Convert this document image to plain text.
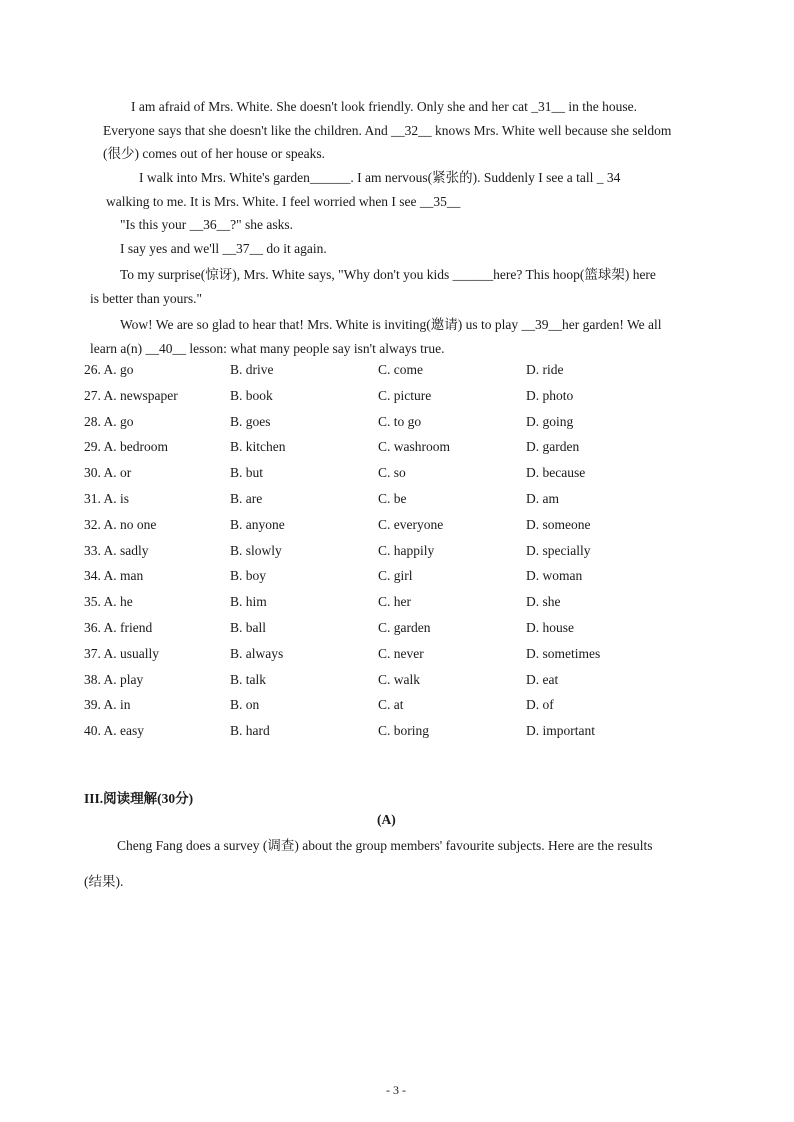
I am afraid of Mrs. White. She doesn't look friendly. Only she and her cat _31__ in the house.
Everyone says that she doesn't like the children. And __32__ knows Mrs. White well because she seldom
(很少) comes out of her house or speaks.
I walk into Mrs. White's garden______. I am nervous(紧张的). Suddenly I see a tall _ 34
walking to me. It is Mrs. White. I feel worried when I see __35__
"Is this your __36__?" she asks.
I say yes and we'll __37__ do it again.
To my surprise(惊讶), Mrs. White says, "Why don't you kids ______here? This hoop(篮球架) here
is better than yours."
Wow! We are so glad to hear that! Mrs. White is inviting(邀请) us to play __39__her garden! We all
learn a(n) __40__ lesson: what many people say isn't always true.
26. A. go	B. drive	C. come	D. ride
27. A. newspaper	B. book	C. picture	D. photo
28. A. go	B. goes	C. to go	D. going
29. A. bedroom	B. kitchen	C. washroom	D. garden
30. A. or	B. but	C. so	D. because
31. A. is	B. are	C. be	D. am
32. A. no one	B. anyone	C. everyone	D. someone
33. A. sadly	B. slowly	C. happily	D. specially
34. A. man	B. boy	C. girl	D. woman
35. A. he	B. him	C. her	D. she
36. A. friend	B. ball	C. garden	D. house
37. A. usually	B. always	C. never	D. sometimes
38. A. play	B. talk	C. walk	D. eat
39. A. in	B. on	C. at	D. of
40. A. easy	B. hard	C. boring	D. important
III.阅读理解(30分)
(A)
Cheng Fang does a survey (调查) about the group members' favourite subjects. Here are the results
(结果).
- 3 -
